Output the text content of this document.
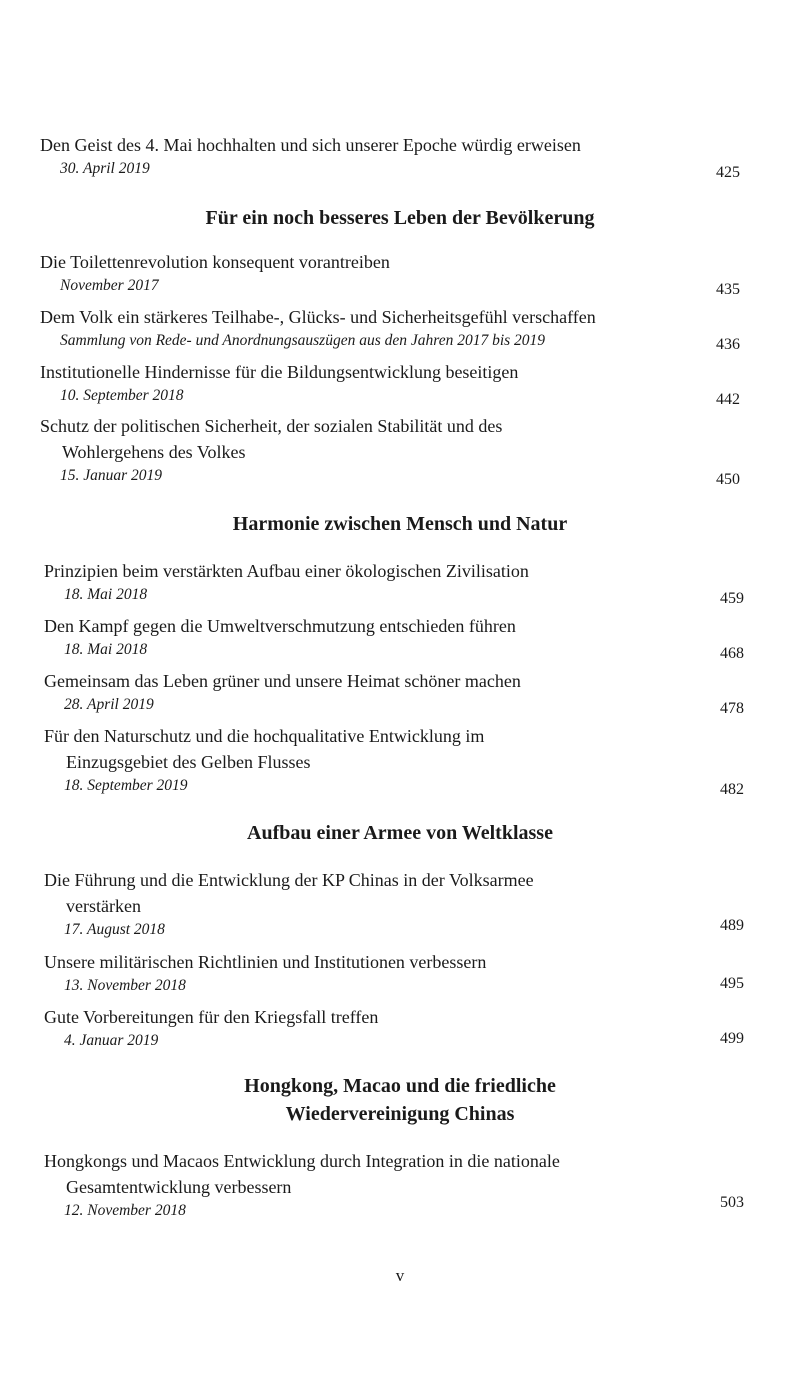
Den Geist des 4. Mai hochhalten und sich unserer Epoche würdig erweisen
30. April 2019	425
Für ein noch besseres Leben der Bevölkerung
Die Toilettenrevolution konsequent vorantreiben
November 2017	435
Dem Volk ein stärkeres Teilhabe-, Glücks- und Sicherheitsgefühl verschaffen
Sammlung von Rede- und Anordnungsauszügen aus den Jahren 2017 bis 2019	436
Institutionelle Hindernisse für die Bildungsentwicklung beseitigen
10. September 2018	442
Schutz der politischen Sicherheit, der sozialen Stabilität und des
Wohlergehens des Volkes
15. Januar 2019	450
Harmonie zwischen Mensch und Natur
Prinzipien beim verstärkten Aufbau einer ökologischen Zivilisation
18. Mai 2018	459
Den Kampf gegen die Umweltverschmutzung entschieden führen
18. Mai 2018	468
Gemeinsam das Leben grüner und unsere Heimat schöner machen
28. April 2019	478
Für den Naturschutz und die hochqualitative Entwicklung im
Einzugsgebiet des Gelben Flusses
18. September 2019	482
Aufbau einer Armee von Weltklasse
Die Führung und die Entwicklung der KP Chinas in der Volksarmee
verstärken
17. August 2018	489
Unsere militärischen Richtlinien und Institutionen verbessern
13. November 2018	495
Gute Vorbereitungen für den Kriegsfall treffen
4. Januar 2019	499
Hongkong, Macao und die friedliche
Wiedervereinigung Chinas
Hongkongs und Macaos Entwicklung durch Integration in die nationale
Gesamtentwicklung verbessern
12. November 2018	503
v
